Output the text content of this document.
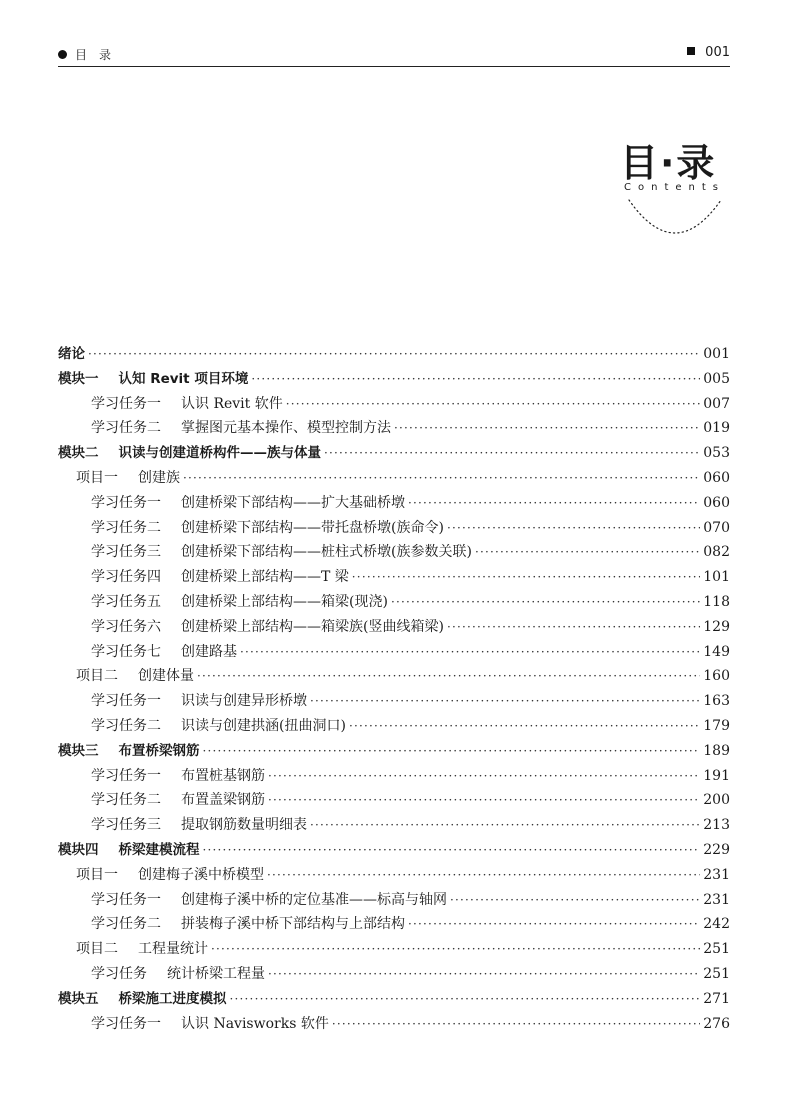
目录	001
目·录
Contents
绪论 ·····	001
模块一 认知 Revit 项目环境 ·····	005
学习任务一 认识 Revit 软件 ·····	007
学习任务二 掌握图元基本操作、模型控制方法 ·····	019
模块二 识读与创建道桥构件——族与体量 ·····	053
项目一 创建族 ·····	060
学习任务一 创建桥梁下部结构——扩大基础桥墩 ·····	060
学习任务二 创建桥梁下部结构——带托盘桥墩(族命令) ·····	070
学习任务三 创建桥梁下部结构——桩柱式桥墩(族参数关联) ·····	082
学习任务四 创建桥梁上部结构——T 梁 ·····	101
学习任务五 创建桥梁上部结构——箱梁(现浇) ·····	118
学习任务六 创建桥梁上部结构——箱梁族(竖曲线箱梁) ·····	129
学习任务七 创建路基 ·····	149
项目二 创建体量 ·····	160
学习任务一 识读与创建异形桥墩 ·····	163
学习任务二 识读与创建拱涵(扭曲洞口) ·····	179
模块三 布置桥梁钢筋 ·····	189
学习任务一 布置桩基钢筋 ·····	191
学习任务二 布置盖梁钢筋 ·····	200
学习任务三 提取钢筋数量明细表 ·····	213
模块四 桥梁建模流程 ·····	229
项目一 创建梅子溪中桥模型 ·····	231
学习任务一 创建梅子溪中桥的定位基准——标高与轴网 ·····	231
学习任务二 拼装梅子溪中桥下部结构与上部结构 ·····	242
项目二 工程量统计 ·····	251
学习任务 统计桥梁工程量 ·····	251
模块五 桥梁施工进度模拟 ·····	271
学习任务一 认识 Navisworks 软件 ·····	276
